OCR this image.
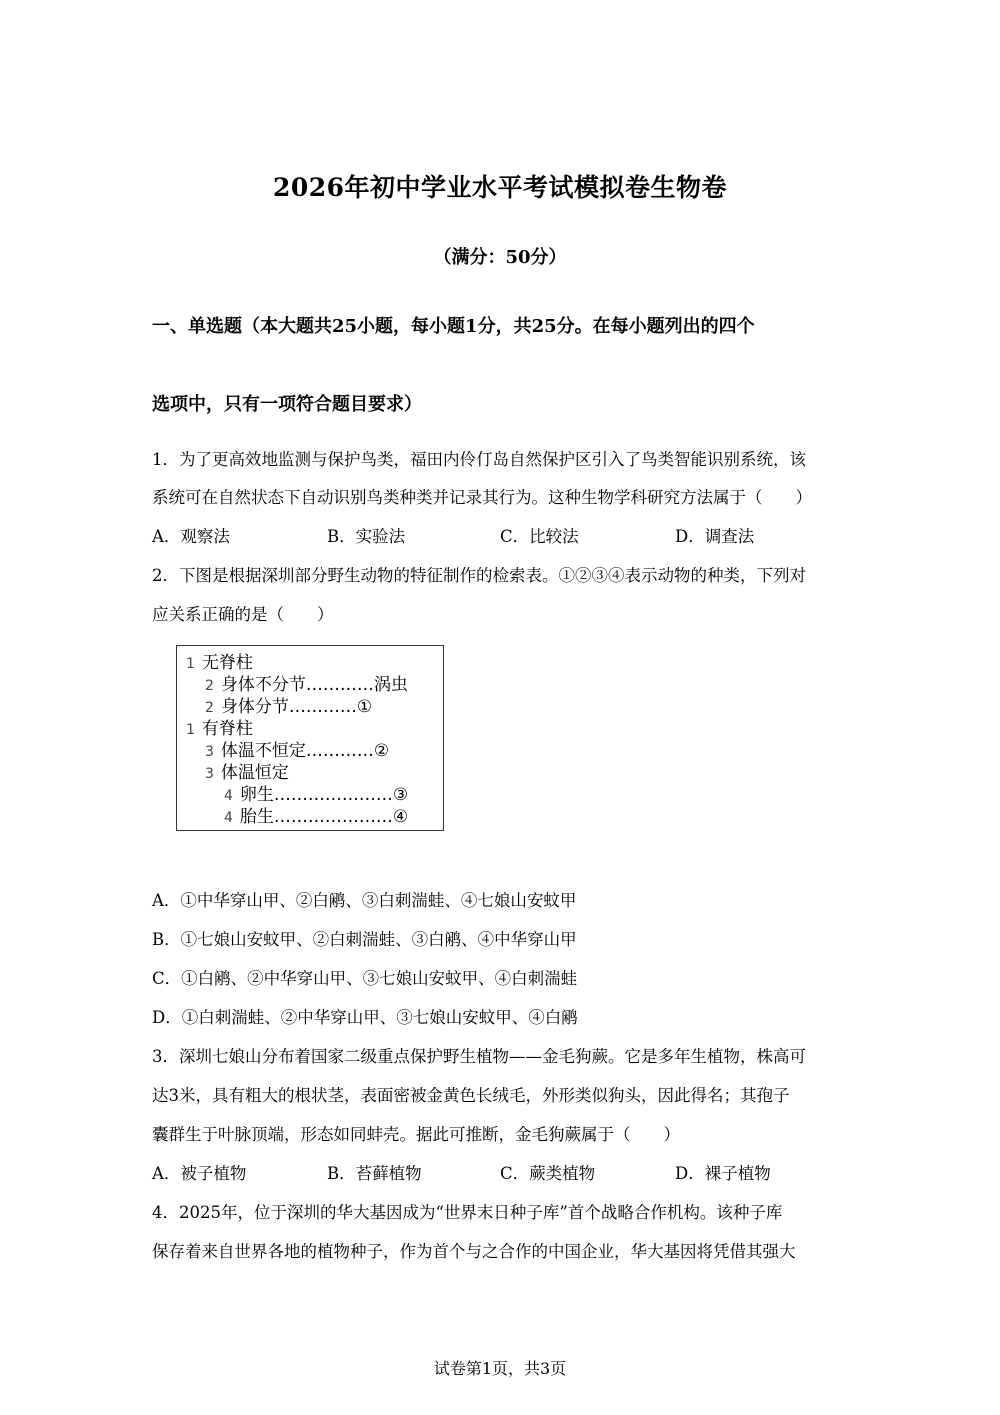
2026年初中学业水平考试模拟卷生物卷
（满分：50分）
一、单选题（本大题共25小题，每小题1分，共25分。在每小题列出的四个
选项中，只有一项符合题目要求）
1．为了更高效地监测与保护鸟类，福田内伶仃岛自然保护区引入了鸟类智能识别系统，该
系统可在自然状态下自动识别鸟类种类并记录其行为。这种生物学科研究方法属于（　　）
A．观察法	B．实验法	C．比较法	D．调查法
2．下图是根据深圳部分野生动物的特征制作的检索表。①②③④表示动物的种类，下列对
应关系正确的是（　　）
1 无脊柱
2 身体不分节…………涡虫
2 身体分节…………①
1 有脊柱
3 体温不恒定…………②
3 体温恒定
4 卵生…………………③
4 胎生…………………④
A．①中华穿山甲、②白鹇、③白刺湍蛙、④七娘山安蚊甲
B．①七娘山安蚊甲、②白刺湍蛙、③白鹇、④中华穿山甲
C．①白鹇、②中华穿山甲、③七娘山安蚊甲、④白刺湍蛙
D．①白刺湍蛙、②中华穿山甲、③七娘山安蚊甲、④白鹇
3．深圳七娘山分布着国家二级重点保护野生植物——金毛狗蕨。它是多年生植物，株高可
达3米，具有粗大的根状茎，表面密被金黄色长绒毛，外形类似狗头，因此得名；其孢子
囊群生于叶脉顶端，形态如同蚌壳。据此可推断，金毛狗蕨属于（　　）
A．被子植物	B．苔藓植物	C．蕨类植物	D．裸子植物
4．2025年，位于深圳的华大基因成为“世界末日种子库”首个战略合作机构。该种子库
保存着来自世界各地的植物种子，作为首个与之合作的中国企业，华大基因将凭借其强大
试卷第1页，共3页
